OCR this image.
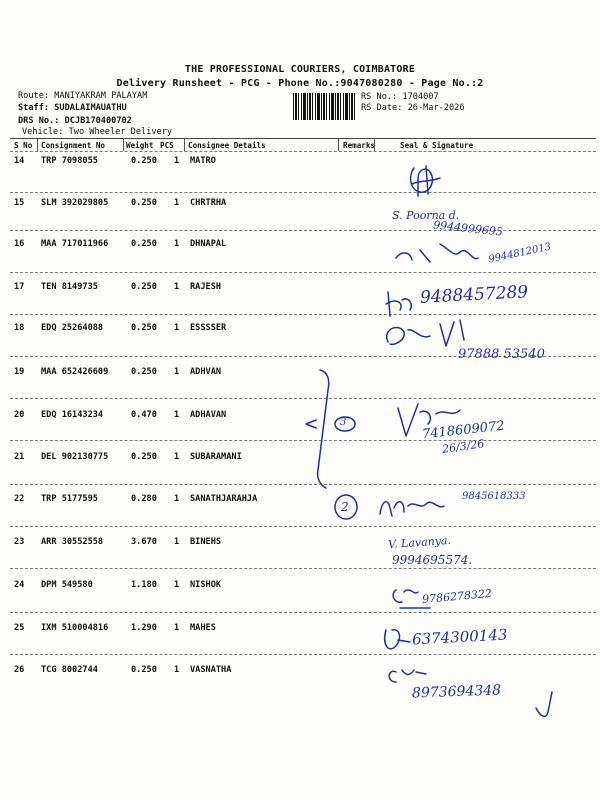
THE PROFESSIONAL COURIERS, COIMBATORE
Delivery Runsheet - PCG - Phone No.:9047080280 - Page No.:2
Route: MANIYAKRAM PALAYAM
Staff: SUDALAIMAUATHU
DRS No.: DCJB170400702
Vehicle: Two Wheeler Delivery
RS No.: 1704007
RS Date: 26-Mar-2026
S No Consignment No	Weight PCS Consignee Details	Remarks	Seal & Signature
14 TRP 7098055	0.250 1 MATRO
15 SLM 392029805	0.250 1 CHRTRHA
16 MAA 717011966	0.250 1 DHNAPAL
17 TEN 8149735	0.250 1 RAJESH
18 EDQ 25264088	0.250 1 ESSSSER
19 MAA 652426609	0.250 1 ADHVAN
20 EDQ 16143234	0.470 1 ADHAVAN
21 DEL 902130775	0.250 1 SUBARAMANI
22 TRP 5177595	0.280 1 SANATHJARAHJA
23 ARR 30552558	3.670 1 BINEHS
24 DPM 549580	1.180 1 NISHOK
25 IXM 510004816	1.290 1 MAHES
26 TCG 8002744	0.250 1 VASNATHA
S. Poorna d.
9944999695
9944812013
9488457289
97888 53540
3	7418609072
26/3/26
2
9845618333
V. Lavanya.
9994695574.
9786278322
6374300143
8973694348
